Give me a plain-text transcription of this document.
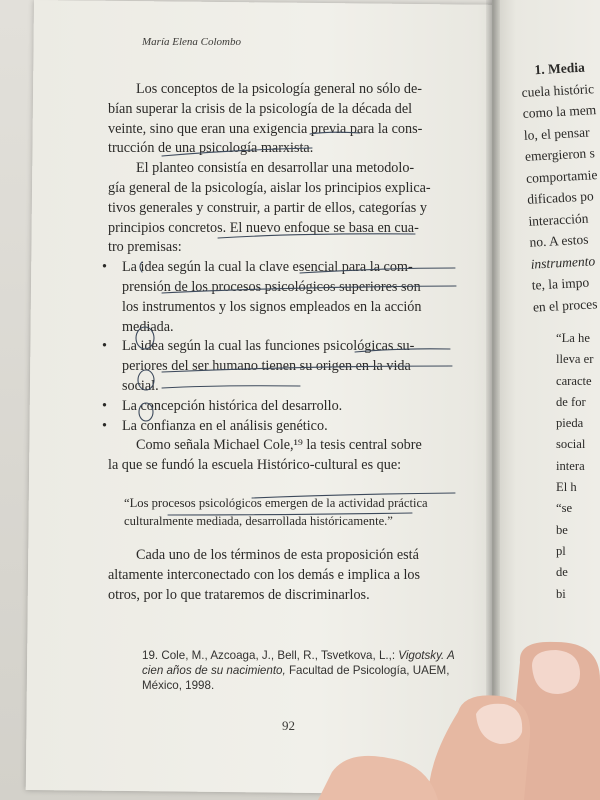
María Elena Colombo
Los conceptos de la psicología general no sólo de-
bían superar la crisis de la psicología de la década del
veinte, sino que eran una exigencia previa para la cons-
trucción de una psicología marxista.
El planteo consistía en desarrollar una metodolo-
gía general de la psicología, aislar los principios explica-
tivos generales y construir, a partir de ellos, categorías y
principios concretos. El nuevo enfoque se basa en cua-
tro premisas:
• La idea según la cual la clave esencial para la com-
prensión de los procesos psicológicos superiores son
los instrumentos y los signos empleados en la acción
mediada.
• La idea según la cual las funciones psicológicas su-
periores del ser humano tienen su origen en la vida
social.
• La concepción histórica del desarrollo.
• La confianza en el análisis genético.
Como señala Michael Cole,¹⁹ la tesis central sobre
la que se fundó la escuela Histórico-cultural es que:
“Los procesos psicológicos emergen de la actividad práctica
culturalmente mediada, desarrollada históricamente.”
Cada uno de los términos de esta proposición está
altamente interconectado con los demás e implica a los
otros, por lo que trataremos de discriminarlos.
19. Cole, M., Azcoaga, J., Bell, R., Tsvetkova, L.,: Vigotsky. A
cien años de su nacimiento, Facultad de Psicología, UAEM,
México, 1998.
92
1. Media
cuela históric
como la mem
lo, el pensar
emergieron s
comportamie
dificados po
interacción
no. A estos
instrumento
te, la impo
en el proces
“La he
lleva er
caracte
de for
pieda
social
intera
El h
“se
be
pl
de
bi
